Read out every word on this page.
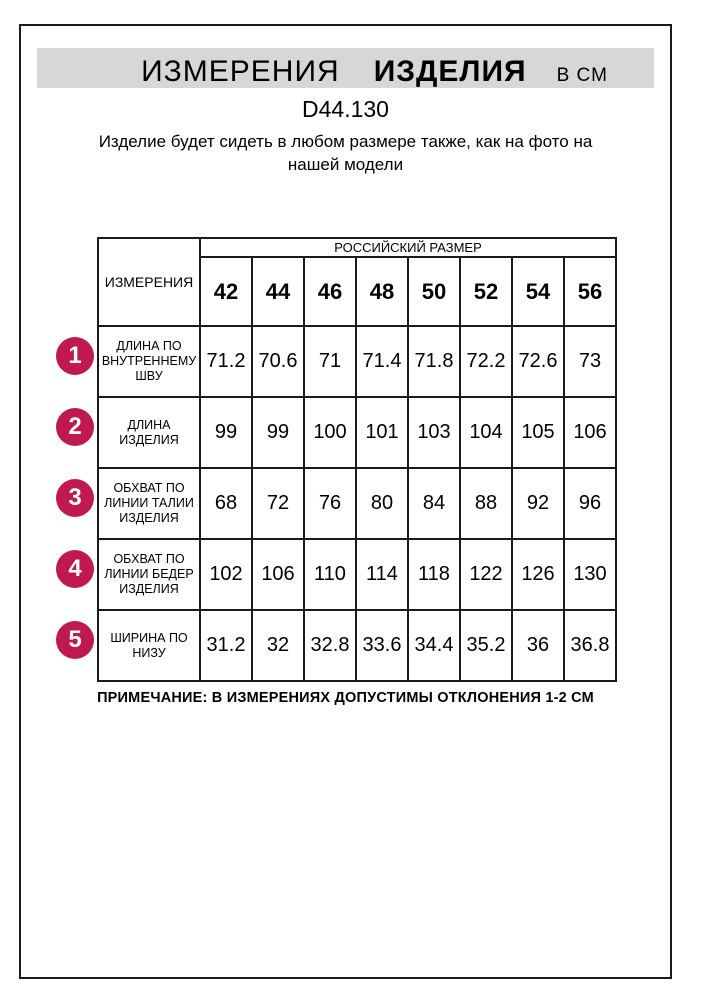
ИЗМЕРЕНИЯ ИЗДЕЛИЯ В СМ
D44.130
Изделие будет сидеть в любом размере также, как на фото на
нашей модели
ИЗМЕРЕНИЯ	РОССИЙСКИЙ РАЗМЕР							
	42	44	46	48	50	52	54	56
ДЛИНА ПО ВНУТРЕННЕМУ ШВУ	71.2	70.6	71	71.4	71.8	72.2	72.6	73
ДЛИНА ИЗДЕЛИЯ	99	99	100	101	103	104	105	106
ОБХВАТ ПО ЛИНИИ ТАЛИИ ИЗДЕЛИЯ	68	72	76	80	84	88	92	96
ОБХВАТ ПО ЛИНИИ БЕДЕР ИЗДЕЛИЯ	102	106	110	114	118	122	126	130
ШИРИНА ПО НИЗУ	31.2	32	32.8	33.6	34.4	35.2	36	36.8
1
2
3
4
5
ПРИМЕЧАНИЕ: В ИЗМЕРЕНИЯХ ДОПУСТИМЫ ОТКЛОНЕНИЯ 1-2 СМ
